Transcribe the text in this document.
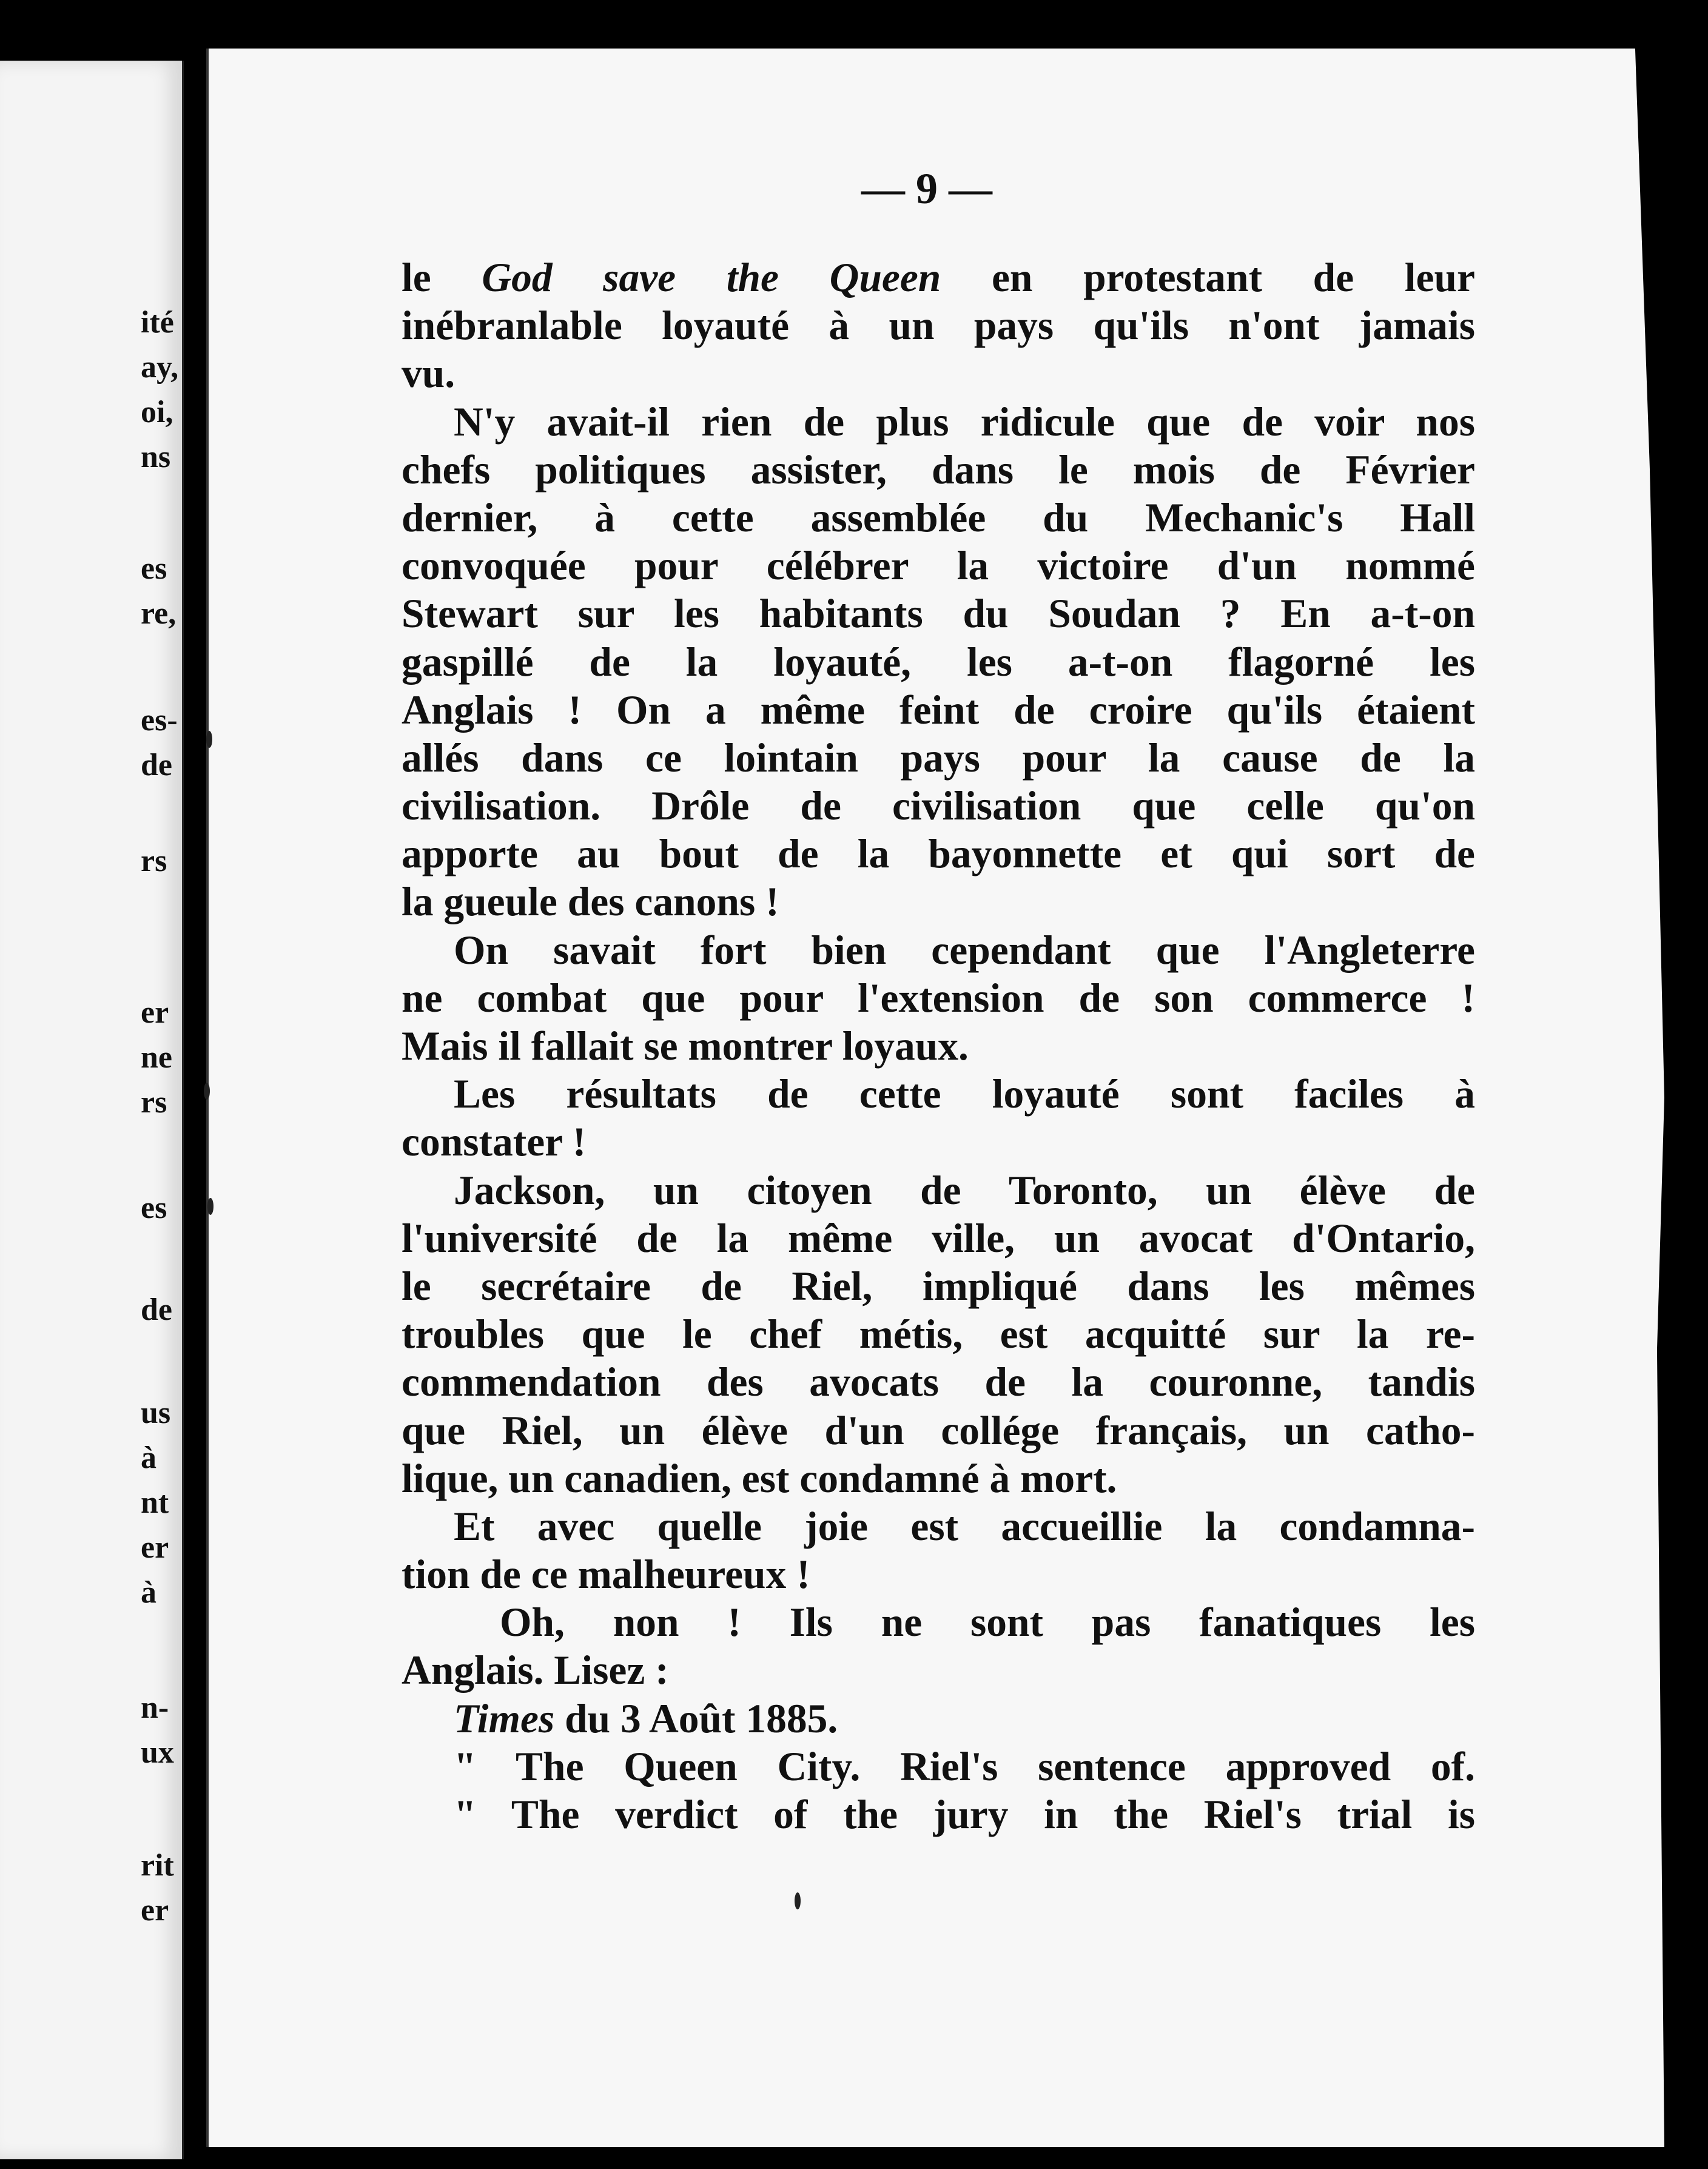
ité
ay,
oi,
ns
es
re,
es-
de
rs
er
ne
rs
es
de
us
à
nt
er
à
n-
ux
rit
er
— 9 —
le God save the Queen en protestant de leur
inébranlable loyauté à un pays qu'ils n'ont jamais
vu.
N'y avait-il rien de plus ridicule que de voir nos
chefs politiques assister, dans le mois de Février
dernier, à cette assemblée du Mechanic's Hall
convoquée pour célébrer la victoire d'un nommé
Stewart sur les habitants du Soudan ? En a-t-on
gaspillé de la loyauté, les a-t-on flagorné les
Anglais ! On a même feint de croire qu'ils étaient
allés dans ce lointain pays pour la cause de la
civilisation. Drôle de civilisation que celle qu'on
apporte au bout de la bayonnette et qui sort de
la gueule des canons !
On savait fort bien cependant que l'Angleterre
ne combat que pour l'extension de son commerce !
Mais il fallait se montrer loyaux.
Les résultats de cette loyauté sont faciles à
constater !
Jackson, un citoyen de Toronto, un élève de
l'université de la même ville, un avocat d'Ontario,
le secrétaire de Riel, impliqué dans les mêmes
troubles que le chef métis, est acquitté sur la re-
commendation des avocats de la couronne, tandis
que Riel, un élève d'un collége français, un catho-
lique, un canadien, est condamné à mort.
Et avec quelle joie est accueillie la condamna-
tion de ce malheureux !
Oh, non ! Ils ne sont pas fanatiques les
Anglais. Lisez :
Times du 3 Août 1885.
" The Queen City. Riel's sentence approved of.
" The verdict of the jury in the Riel's trial is
